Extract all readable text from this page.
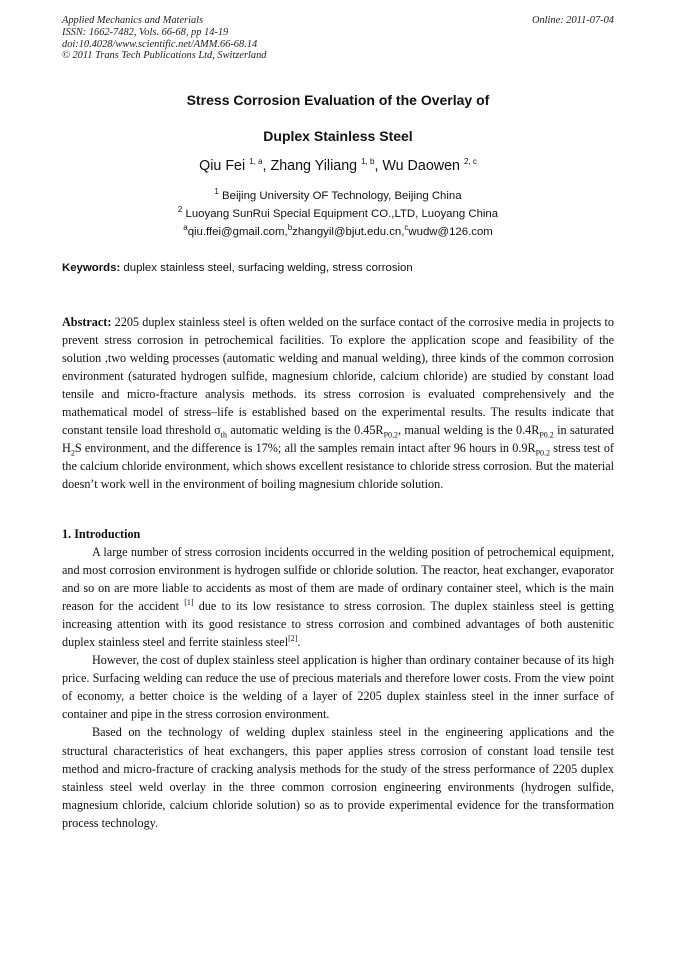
Applied Mechanics and Materials
ISSN: 1662-7482, Vols. 66-68, pp 14-19
doi:10.4028/www.scientific.net/AMM.66-68.14
© 2011 Trans Tech Publications Ltd, Switzerland
Online: 2011-07-04
Stress Corrosion Evaluation of the Overlay of
Duplex Stainless Steel
Qiu Fei $^{1, a}$, Zhang Yiliang $^{1, b}$, Wu Daowen $^{2, c}$
$^1$ Beijing University OF Technology, Beijing China
$^2$ Luoyang SunRui Special Equipment CO.,LTD, Luoyang China
$^a$qiu.ffei@gmail.com,$^b$zhangyil@bjut.edu.cn,$^c$wudw@126.com
Keywords: duplex stainless steel, surfacing welding, stress corrosion
Abstract: 2205 duplex stainless steel is often welded on the surface contact of the corrosive media in projects to prevent stress corrosion in petrochemical facilities. To explore the application scope and feasibility of the solution ,two welding processes (automatic welding and manual welding), three kinds of the common corrosion environment (saturated hydrogen sulfide, magnesium chloride, calcium chloride) are studied by constant load tensile and micro-fracture analysis methods. its stress corrosion is evaluated comprehensively and the mathematical model of stress–life is established based on the experimental results. The results indicate that constant tensile load threshold $\sigma_{th}$ automatic welding is the $0.45R_{P0.2}$, manual welding is the $0.4R_{P0.2}$ in saturated $H_2S$ environment, and the difference is 17%; all the samples remain intact after 96 hours in $0.9R_{P0.2}$ stress test of the calcium chloride environment, which shows excellent resistance to chloride stress corrosion. But the material doesn’t work well in the environment of boiling magnesium chloride solution.
1. Introduction

A large number of stress corrosion incidents occurred in the welding position of petrochemical equipment, and most corrosion environment is hydrogen sulfide or chloride solution. The reactor, heat exchanger, evaporator and so on are more liable to accidents as most of them are made of ordinary container steel, which is the main reason for the accident [1] due to its low resistance to stress corrosion. The duplex stainless steel is getting increasing attention with its good resistance to stress corrosion and combined advantages of both austenitic duplex stainless steel and ferrite stainless steel[2].

However, the cost of duplex stainless steel application is higher than ordinary container because of its high price. Surfacing welding can reduce the use of precious materials and therefore lower costs. From the view point of economy, a better choice is the welding of a layer of 2205 duplex stainless steel in the inner surface of container and pipe in the stress corrosion environment.

Based on the technology of welding duplex stainless steel in the engineering applications and the structural characteristics of heat exchangers, this paper applies stress corrosion of constant load tensile test method and micro-fracture of cracking analysis methods for the study of the stress performance of 2205 duplex stainless steel weld overlay in the three common corrosion engineering environments (hydrogen sulfide, magnesium chloride, calcium chloride solution) so as to provide experimental evidence for the transformation process technology.
